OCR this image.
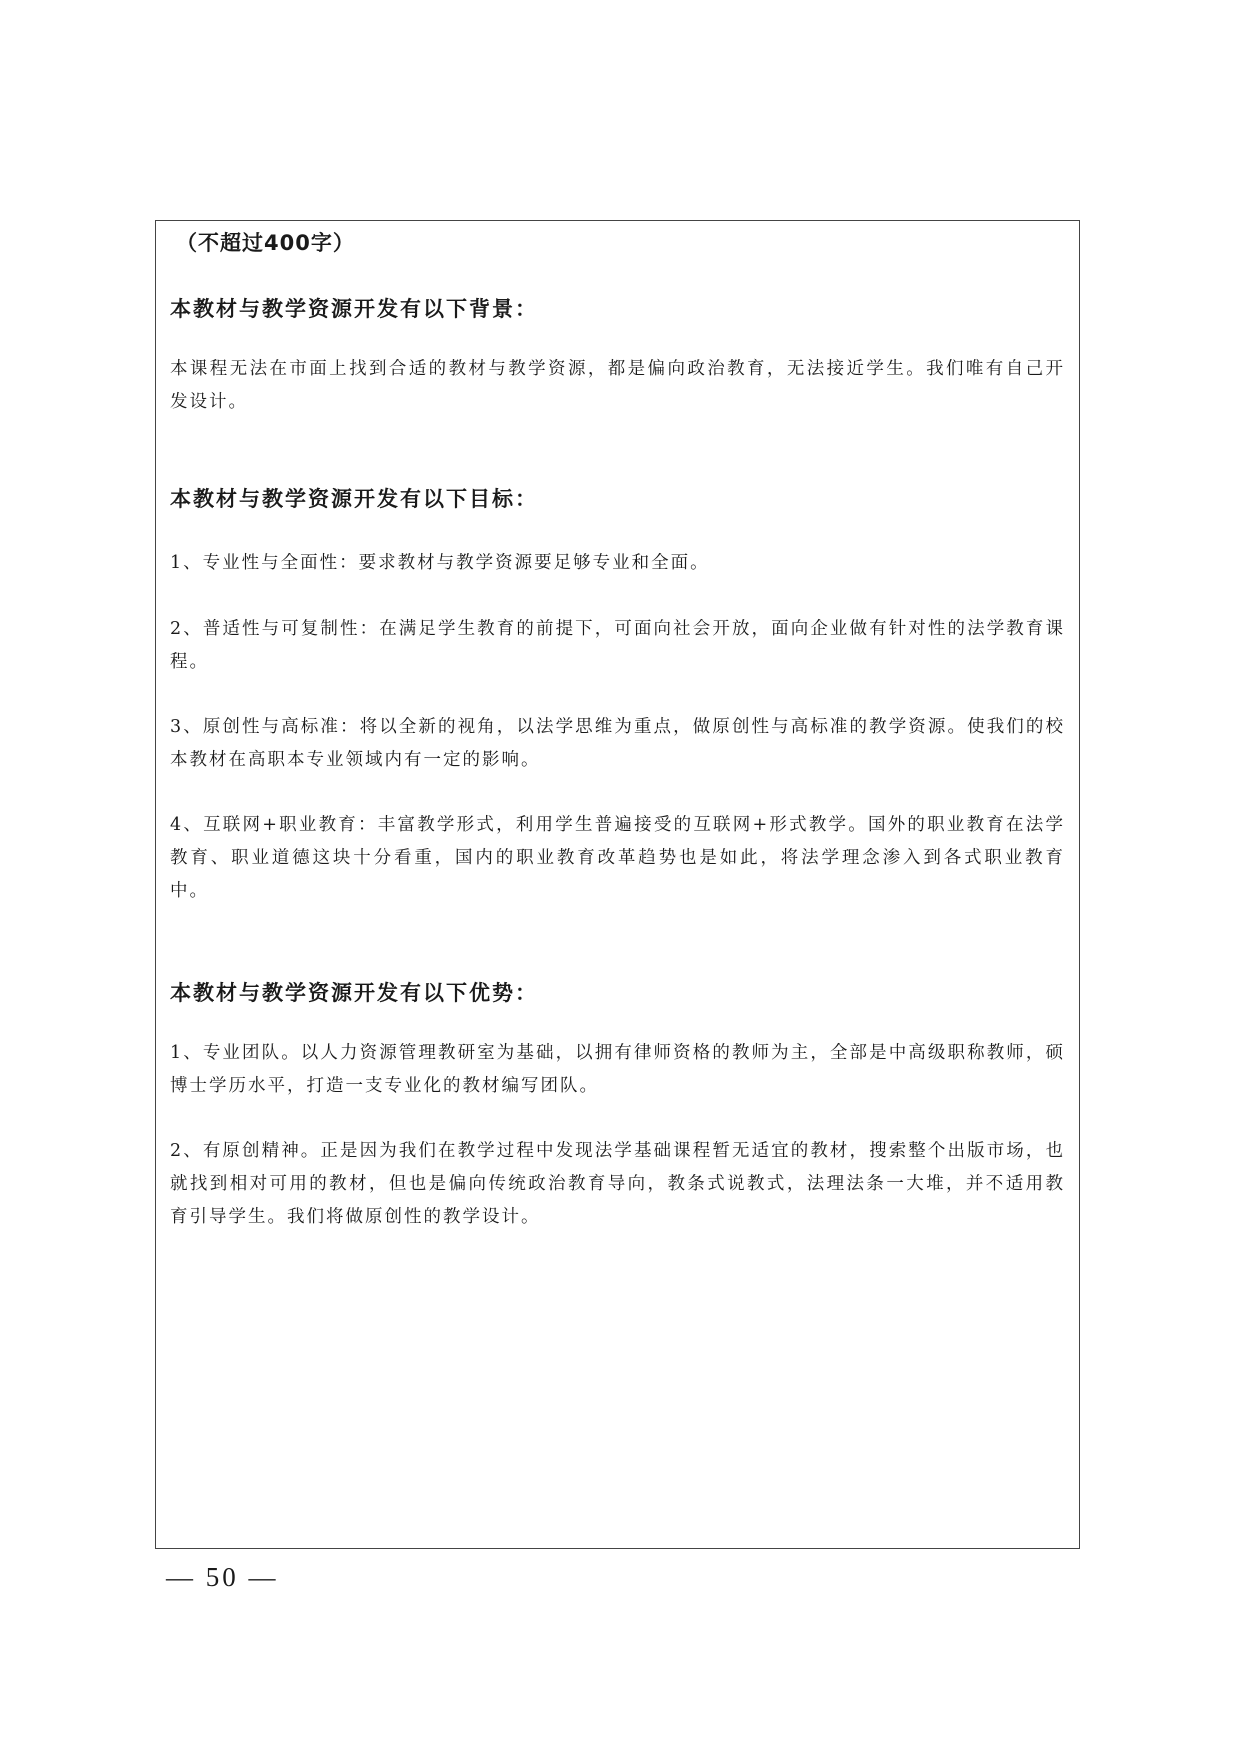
（不超过400字）
本教材与教学资源开发有以下背景：
本课程无法在市面上找到合适的教材与教学资源，都是偏向政治教育，无法接近学生。我们唯有自己开发设计。
本教材与教学资源开发有以下目标：
1、专业性与全面性：要求教材与教学资源要足够专业和全面。
2、普适性与可复制性：在满足学生教育的前提下，可面向社会开放，面向企业做有针对性的法学教育课程。
3、原创性与高标准：将以全新的视角，以法学思维为重点，做原创性与高标准的教学资源。使我们的校本教材在高职本专业领域内有一定的影响。
4、互联网+职业教育：丰富教学形式，利用学生普遍接受的互联网+形式教学。国外的职业教育在法学教育、职业道德这块十分看重，国内的职业教育改革趋势也是如此，将法学理念渗入到各式职业教育中。
本教材与教学资源开发有以下优势：
1、专业团队。以人力资源管理教研室为基础，以拥有律师资格的教师为主，全部是中高级职称教师，硕博士学历水平，打造一支专业化的教材编写团队。
2、有原创精神。正是因为我们在教学过程中发现法学基础课程暂无适宜的教材，搜索整个出版市场，也就找到相对可用的教材，但也是偏向传统政治教育导向，教条式说教式，法理法条一大堆，并不适用教育引导学生。我们将做原创性的教学设计。
— 50 —
